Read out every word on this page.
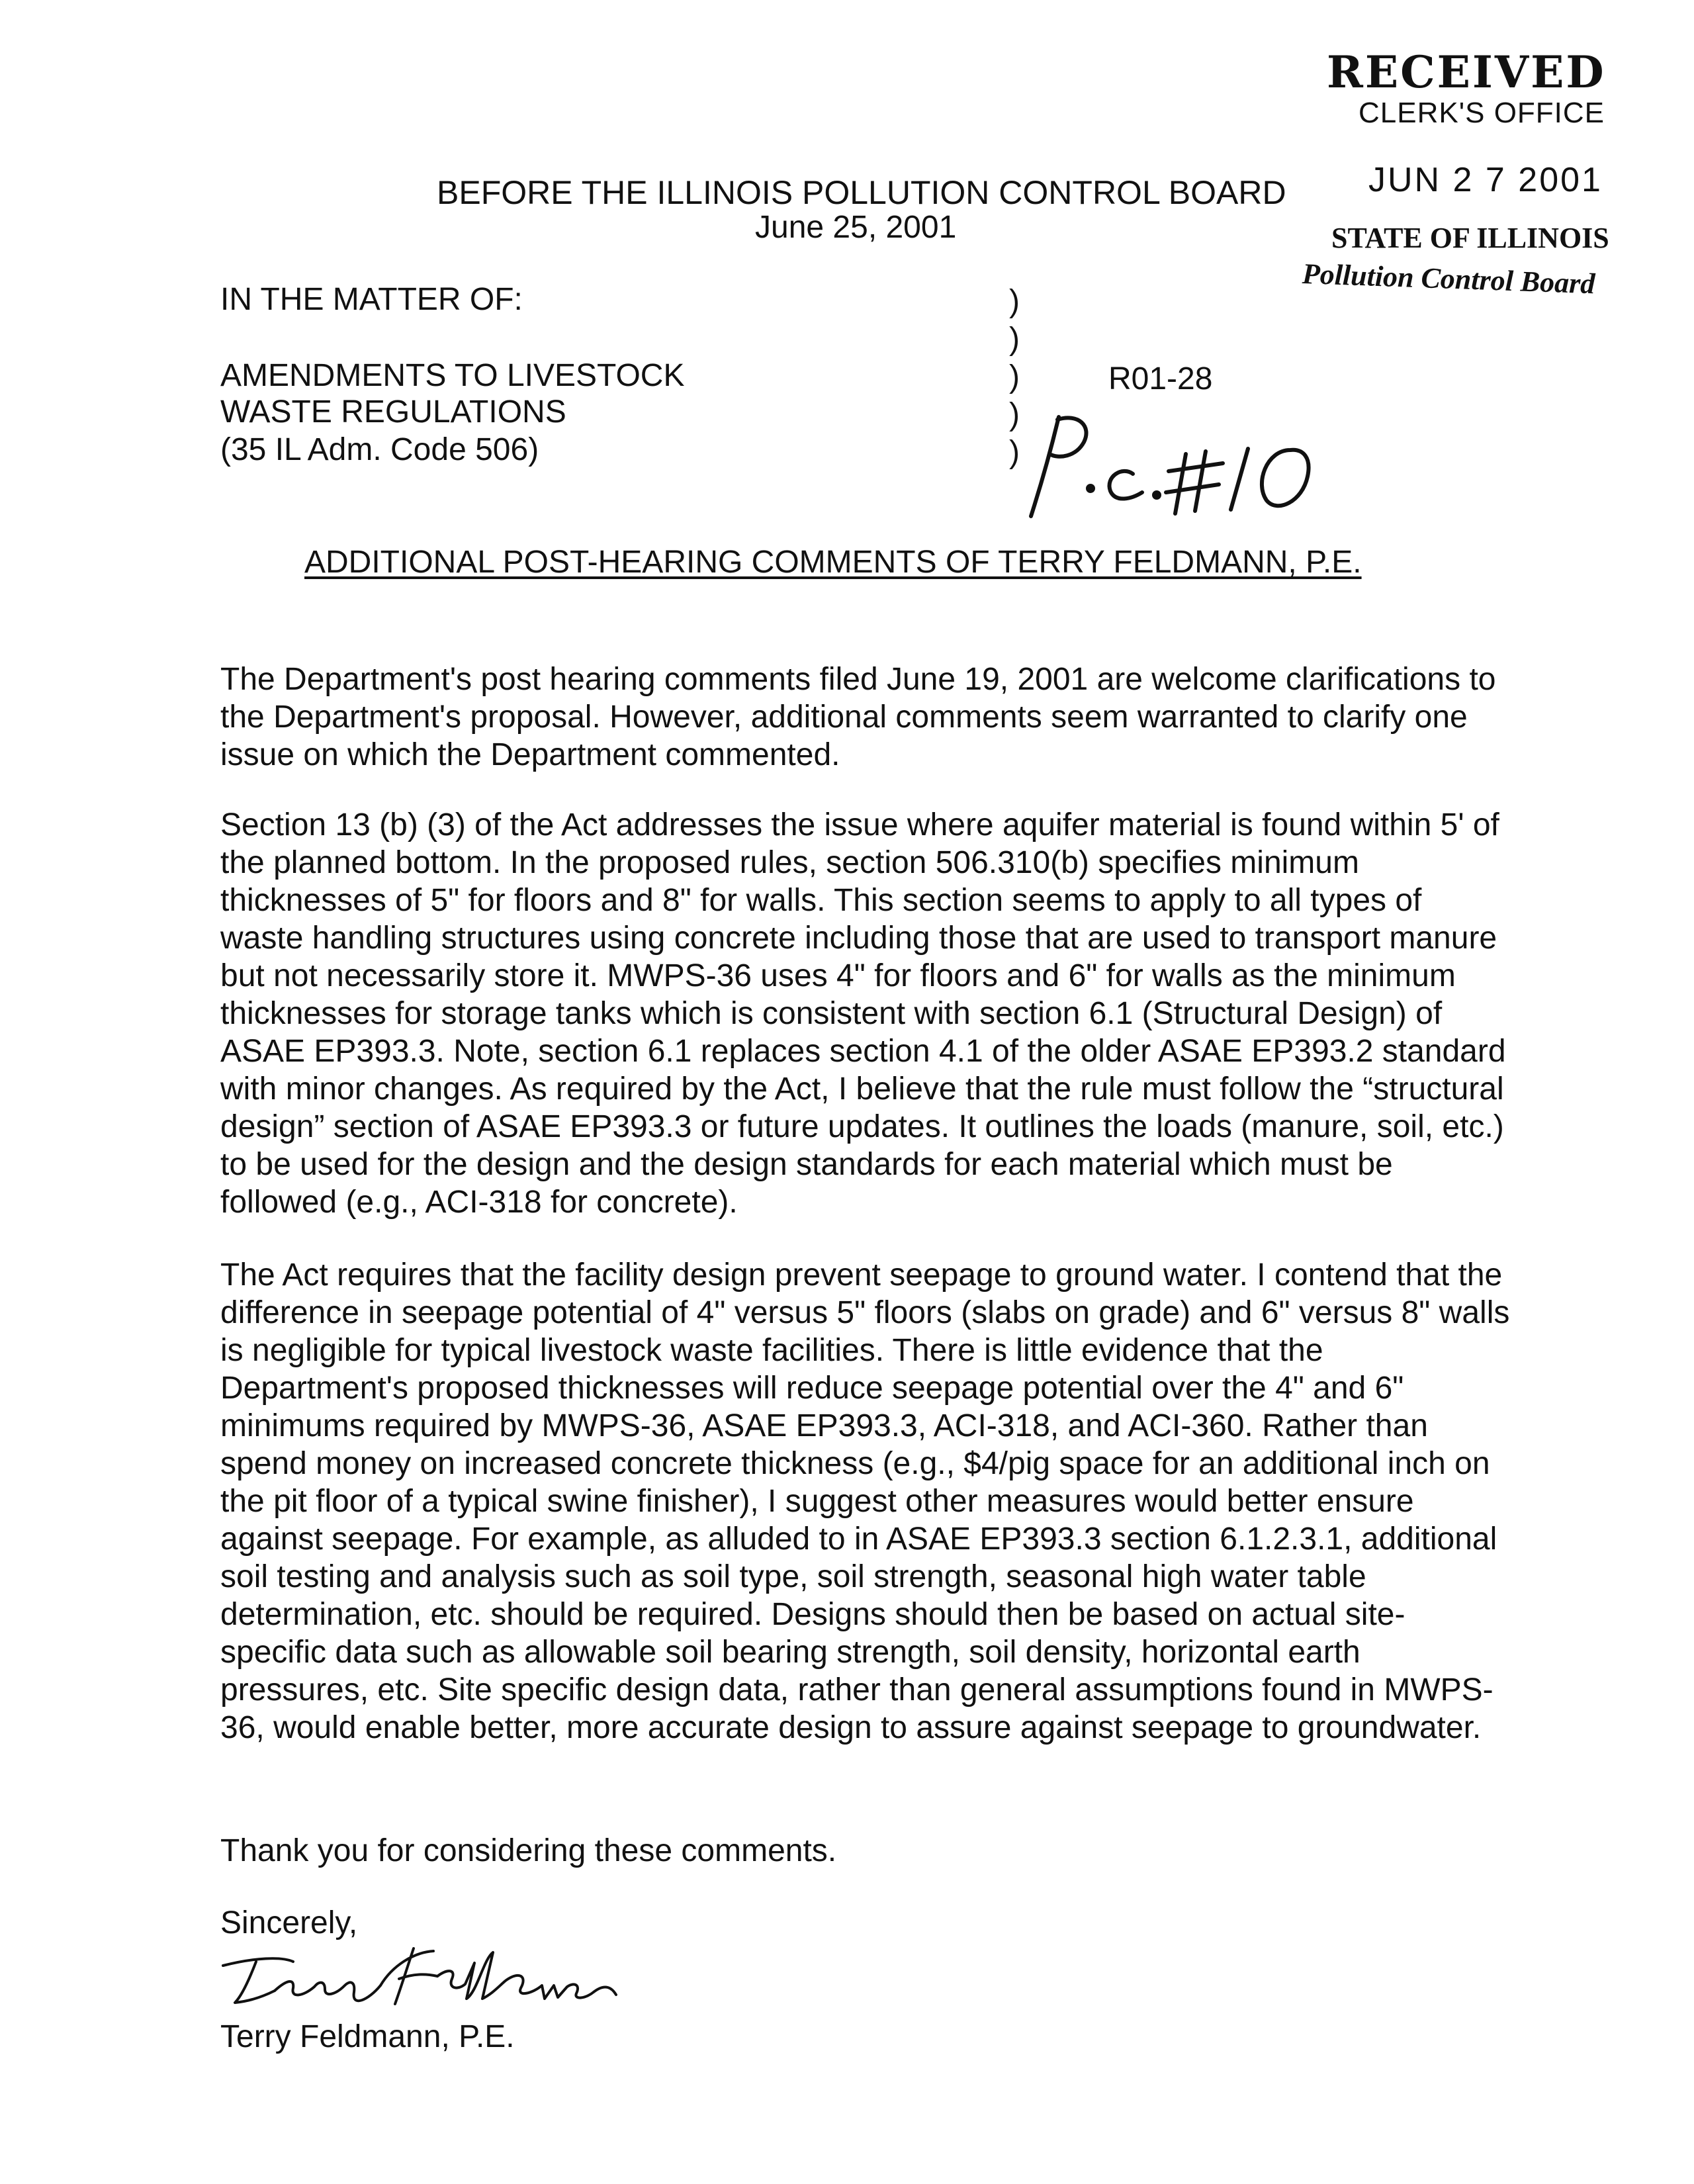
RECEIVED
CLERK'S OFFICE
JUN 2 7 2001
STATE OF ILLINOIS
Pollution Control Board
BEFORE THE ILLINOIS POLLUTION CONTROL BOARD
June 25, 2001
IN THE MATTER OF:
AMENDMENTS TO LIVESTOCK
WASTE REGULATIONS
(35 IL Adm. Code 506)
)
)
)
)
)
R01-28
ADDITIONAL POST-HEARING COMMENTS OF TERRY FELDMANN, P.E.
The Department's post hearing comments filed June 19, 2001 are welcome clarifications to the Department's proposal. However, additional comments seem warranted to clarify one issue on which the Department commented.
Section 13 (b) (3) of the Act addresses the issue where aquifer material is found within 5' of the planned bottom. In the proposed rules, section 506.310(b) specifies minimum thicknesses of 5" for floors and 8" for walls. This section seems to apply to all types of waste handling structures using concrete including those that are used to transport manure but not necessarily store it. MWPS-36 uses 4" for floors and 6" for walls as the minimum thicknesses for storage tanks which is consistent with section 6.1 (Structural Design) of ASAE EP393.3. Note, section 6.1 replaces section 4.1 of the older ASAE EP393.2 standard with minor changes. As required by the Act, I believe that the rule must follow the “structural design” section of ASAE EP393.3 or future updates. It outlines the loads (manure, soil, etc.) to be used for the design and the design standards for each material which must be followed (e.g., ACI-318 for concrete).
The Act requires that the facility design prevent seepage to ground water. I contend that the difference in seepage potential of 4" versus 5" floors (slabs on grade) and 6" versus 8" walls is negligible for typical livestock waste facilities. There is little evidence that the Department's proposed thicknesses will reduce seepage potential over the 4" and 6" minimums required by MWPS-36, ASAE EP393.3, ACI-318, and ACI-360. Rather than spend money on increased concrete thickness (e.g., $4/pig space for an additional inch on the pit floor of a typical swine finisher), I suggest other measures would better ensure against seepage. For example, as alluded to in ASAE EP393.3 section 6.1.2.3.1, additional soil testing and analysis such as soil type, soil strength, seasonal high water table determination, etc. should be required. Designs should then be based on actual site-specific data such as allowable soil bearing strength, soil density, horizontal earth pressures, etc. Site specific design data, rather than general assumptions found in MWPS-36, would enable better, more accurate design to assure against seepage to groundwater.
Thank you for considering these comments.
Sincerely,
Terry Feldmann, P.E.
